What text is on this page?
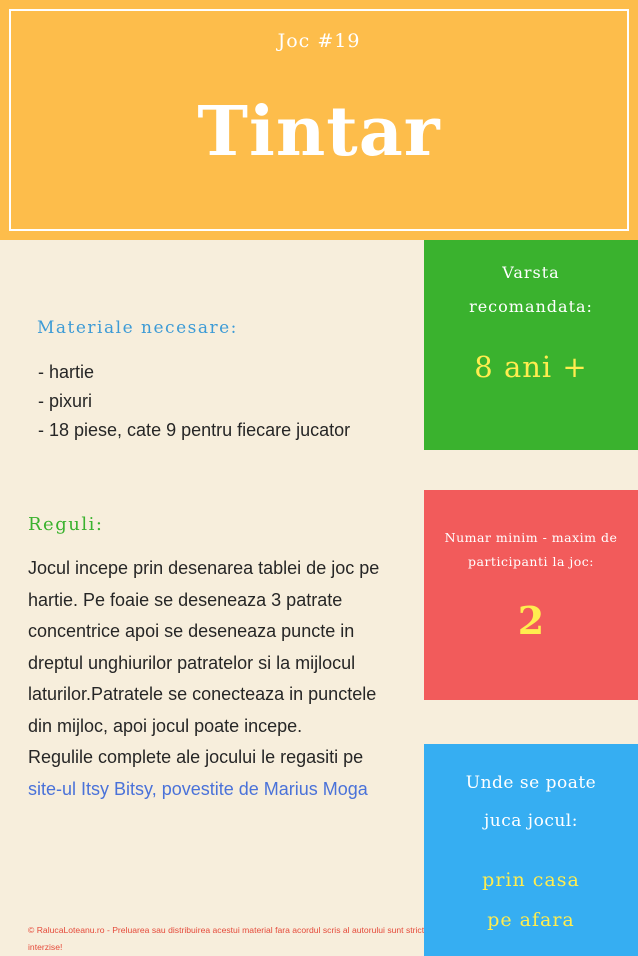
Joc #19
Tintar
Materiale necesare:
- hartie
- pixuri
- 18 piese, cate 9 pentru fiecare jucator
Reguli:
Jocul incepe prin desenarea tablei de joc pe hartie. Pe foaie se deseneaza 3 patrate concentrice apoi se deseneaza puncte in dreptul unghiurilor patratelor si la mijlocul laturilor.Patratele se conecteaza in punctele din mijloc, apoi jocul poate incepe.
Regulile complete ale jocului le regasiti pe site-ul Itsy Bitsy, povestite de Marius Moga
© RalucaLoteanu.ro - Preluarea sau distribuirea acestui material fara acordul scris al autorului sunt strict interzise!
Varsta
recomandata:
8 ani +
Numar minim - maxim de participanti la joc:
2
Unde se poate
juca jocul:
prin casa
pe afara
